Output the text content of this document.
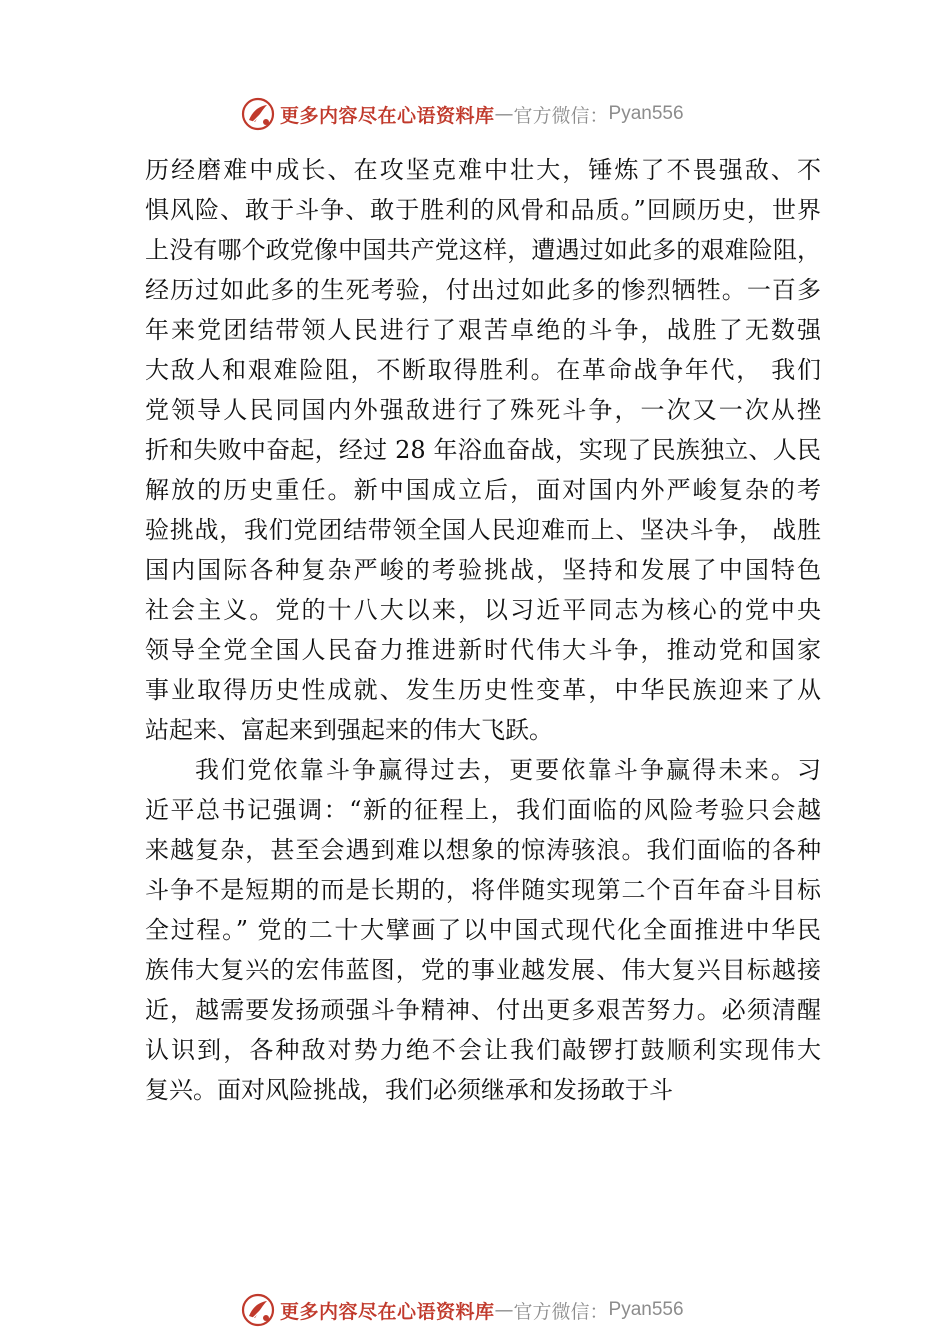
更多内容尽在心语资料库 — 官方微信： Pyan556
历经磨难中成长、在攻坚克难中壮大，锤炼了不畏强敌、不
惧风险、敢于斗争、敢于胜利的风骨和品质。”回顾历史，世界
上没有哪个政党像中国共产党这样，遭遇过如此多的艰难险阻，
经历过如此多的生死考验，付出过如此多的惨烈牺牲。一百多
年来党团结带领人民进行了艰苦卓绝的斗争，战胜了无数强
大敌人和艰难险阻，不断取得胜利。在革命战争年代， 我们
党领导人民同国内外强敌进行了殊死斗争，一次又一次从挫
折和失败中奋起，经过 28 年浴血奋战，实现了民族独立、人民
解放的历史重任。新中国成立后，面对国内外严峻复杂的考
验挑战，我们党团结带领全国人民迎难而上、坚决斗争， 战胜
国内国际各种复杂严峻的考验挑战，坚持和发展了中国特色
社会主义。党的十八大以来，以习近平同志为核心的党中央
领导全党全国人民奋力推进新时代伟大斗争，推动党和国家
事业取得历史性成就、发生历史性变革，中华民族迎来了从
站起来、富起来到强起来的伟大飞跃。
我们党依靠斗争赢得过去，更要依靠斗争赢得未来。习
近平总书记强调：“新的征程上，我们面临的风险考验只会越
来越复杂，甚至会遇到难以想象的惊涛骇浪。我们面临的各种
斗争不是短期的而是长期的，将伴随实现第二个百年奋斗目标
全过程。” 党的二十大擘画了以中国式现代化全面推进中华民
族伟大复兴的宏伟蓝图，党的事业越发展、伟大复兴目标越接
近，越需要发扬顽强斗争精神、付出更多艰苦努力。必须清醒
认识到，各种敌对势力绝不会让我们敲锣打鼓顺利实现伟大
复兴。面对风险挑战，我们必须继承和发扬敢于斗
更多内容尽在心语资料库 — 官方微信： Pyan556
